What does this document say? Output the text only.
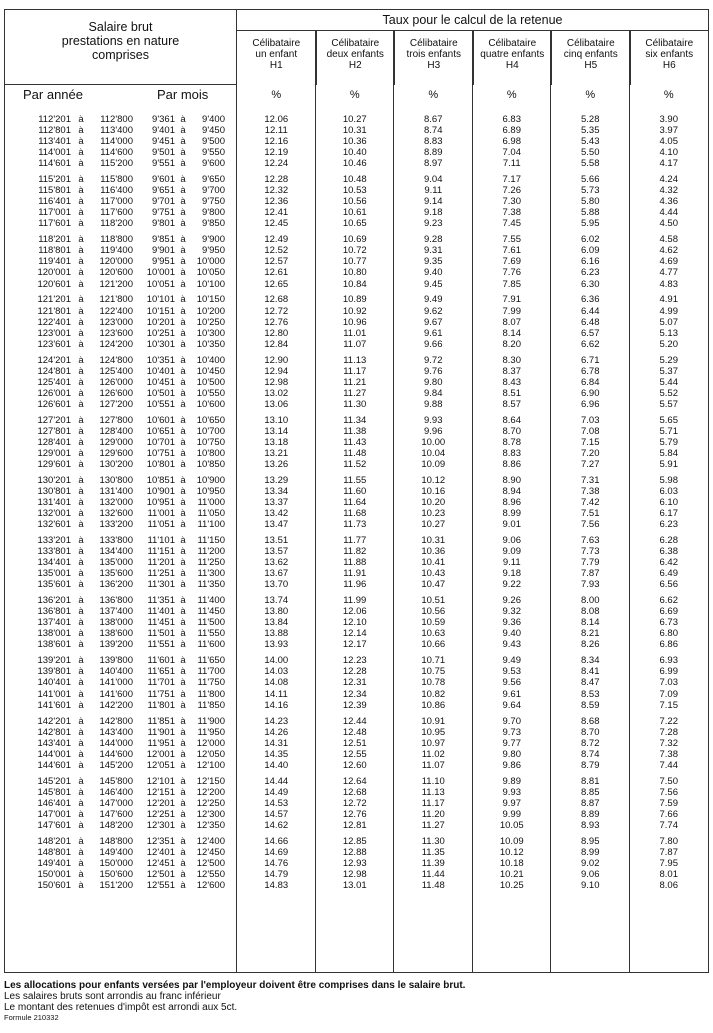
Salaire brut
prestations en nature
comprises
Taux pour le calcul de la retenue
Célibataire
un enfant
H1
Célibataire
deux enfants
H2
Célibataire
trois enfants
H3
Célibataire
quatre enfants
H4
Célibataire
cinq enfants
H5
Célibataire
six enfants
H6
Par année	Par mois	%	%	%	%	%	%
112'201 à	112'800	9'361 à	9'400	12.06	10.27	8.67	6.83	5.28	3.90
112'801 à	113'400	9'401 à	9'450	12.11	10.31	8.74	6.89	5.35	3.97
113'401 à	114'000	9'451 à	9'500	12.16	10.36	8.83	6.98	5.43	4.05
114'001 à	114'600	9'501 à	9'550	12.19	10.40	8.89	7.04	5.50	4.10
114'601 à	115'200	9'551 à	9'600	12.24	10.46	8.97	7.11	5.58	4.17
115'201 à	115'800	9'601 à	9'650	12.28	10.48	9.04	7.17	5.66	4.24
115'801 à	116'400	9'651 à	9'700	12.32	10.53	9.11	7.26	5.73	4.32
116'401 à	117'000	9'701 à	9'750	12.36	10.56	9.14	7.30	5.80	4.36
117'001 à	117'600	9'751 à	9'800	12.41	10.61	9.18	7.38	5.88	4.44
117'601 à	118'200	9'801 à	9'850	12.45	10.65	9.23	7.45	5.95	4.50
118'201 à	118'800	9'851 à	9'900	12.49	10.69	9.28	7.55	6.02	4.58
118'801 à	119'400	9'901 à	9'950	12.52	10.72	9.31	7.61	6.09	4.62
119'401 à	120'000	9'951 à	10'000	12.57	10.77	9.35	7.69	6.16	4.69
120'001 à	120'600	10'001 à	10'050	12.61	10.80	9.40	7.76	6.23	4.77
120'601 à	121'200	10'051 à	10'100	12.65	10.84	9.45	7.85	6.30	4.83
121'201 à	121'800	10'101 à	10'150	12.68	10.89	9.49	7.91	6.36	4.91
121'801 à	122'400	10'151 à	10'200	12.72	10.92	9.62	7.99	6.44	4.99
122'401 à	123'000	10'201 à	10'250	12.76	10.96	9.67	8.07	6.48	5.07
123'001 à	123'600	10'251 à	10'300	12.80	11.01	9.61	8.14	6.57	5.13
123'601 à	124'200	10'301 à	10'350	12.84	11.07	9.66	8.20	6.62	5.20
124'201 à	124'800	10'351 à	10'400	12.90	11.13	9.72	8.30	6.71	5.29
124'801 à	125'400	10'401 à	10'450	12.94	11.17	9.76	8.37	6.78	5.37
125'401 à	126'000	10'451 à	10'500	12.98	11.21	9.80	8.43	6.84	5.44
126'001 à	126'600	10'501 à	10'550	13.02	11.27	9.84	8.51	6.90	5.52
126'601 à	127'200	10'551 à	10'600	13.06	11.30	9.88	8.57	6.96	5.57
127'201 à	127'800	10'601 à	10'650	13.10	11.34	9.93	8.64	7.03	5.65
127'801 à	128'400	10'651 à	10'700	13.14	11.38	9.96	8.70	7.08	5.71
128'401 à	129'000	10'701 à	10'750	13.18	11.43	10.00	8.78	7.15	5.79
129'001 à	129'600	10'751 à	10'800	13.21	11.48	10.04	8.83	7.20	5.84
129'601 à	130'200	10'801 à	10'850	13.26	11.52	10.09	8.86	7.27	5.91
130'201 à	130'800	10'851 à	10'900	13.29	11.55	10.12	8.90	7.31	5.98
130'801 à	131'400	10'901 à	10'950	13.34	11.60	10.16	8.94	7.38	6.03
131'401 à	132'000	10'951 à	11'000	13.37	11.64	10.20	8.96	7.42	6.10
132'001 à	132'600	11'001 à	11'050	13.42	11.68	10.23	8.99	7.51	6.17
132'601 à	133'200	11'051 à	11'100	13.47	11.73	10.27	9.01	7.56	6.23
133'201 à	133'800	11'101 à	11'150	13.51	11.77	10.31	9.06	7.63	6.28
133'801 à	134'400	11'151 à	11'200	13.57	11.82	10.36	9.09	7.73	6.38
134'401 à	135'000	11'201 à	11'250	13.62	11.88	10.41	9.11	7.79	6.42
135'001 à	135'600	11'251 à	11'300	13.67	11.91	10.43	9.18	7.87	6.49
135'601 à	136'200	11'301 à	11'350	13.70	11.96	10.47	9.22	7.93	6.56
136'201 à	136'800	11'351 à	11'400	13.74	11.99	10.51	9.26	8.00	6.62
136'801 à	137'400	11'401 à	11'450	13.80	12.06	10.56	9.32	8.08	6.69
137'401 à	138'000	11'451 à	11'500	13.84	12.10	10.59	9.36	8.14	6.73
138'001 à	138'600	11'501 à	11'550	13.88	12.14	10.63	9.40	8.21	6.80
138'601 à	139'200	11'551 à	11'600	13.93	12.17	10.66	9.43	8.26	6.86
139'201 à	139'800	11'601 à	11'650	14.00	12.23	10.71	9.49	8.34	6.93
139'801 à	140'400	11'651 à	11'700	14.03	12.28	10.75	9.53	8.41	6.99
140'401 à	141'000	11'701 à	11'750	14.08	12.31	10.78	9.56	8.47	7.03
141'001 à	141'600	11'751 à	11'800	14.11	12.34	10.82	9.61	8.53	7.09
141'601 à	142'200	11'801 à	11'850	14.16	12.39	10.86	9.64	8.59	7.15
142'201 à	142'800	11'851 à	11'900	14.23	12.44	10.91	9.70	8.68	7.22
142'801 à	143'400	11'901 à	11'950	14.26	12.48	10.95	9.73	8.70	7.28
143'401 à	144'000	11'951 à	12'000	14.31	12.51	10.97	9.77	8.72	7.32
144'001 à	144'600	12'001 à	12'050	14.35	12.55	11.02	9.80	8.74	7.38
144'601 à	145'200	12'051 à	12'100	14.40	12.60	11.07	9.86	8.79	7.44
145'201 à	145'800	12'101 à	12'150	14.44	12.64	11.10	9.89	8.81	7.50
145'801 à	146'400	12'151 à	12'200	14.49	12.68	11.13	9.93	8.85	7.56
146'401 à	147'000	12'201 à	12'250	14.53	12.72	11.17	9.97	8.87	7.59
147'001 à	147'600	12'251 à	12'300	14.57	12.76	11.20	9.99	8.89	7.66
147'601 à	148'200	12'301 à	12'350	14.62	12.81	11.27	10.05	8.93	7.74
148'201 à	148'800	12'351 à	12'400	14.66	12.85	11.30	10.09	8.95	7.80
148'801 à	149'400	12'401 à	12'450	14.69	12.88	11.35	10.12	8.99	7.87
149'401 à	150'000	12'451 à	12'500	14.76	12.93	11.39	10.18	9.02	7.95
150'001 à	150'600	12'501 à	12'550	14.79	12.98	11.44	10.21	9.06	8.01
150'601 à	151'200	12'551 à	12'600	14.83	13.01	11.48	10.25	9.10	8.06
Les allocations pour enfants versées par l'employeur doivent être comprises dans le salaire brut.
Les salaires bruts sont arrondis au franc inférieur
Le montant des retenues d'impôt est arrondi aux 5ct.
Formule 210332
